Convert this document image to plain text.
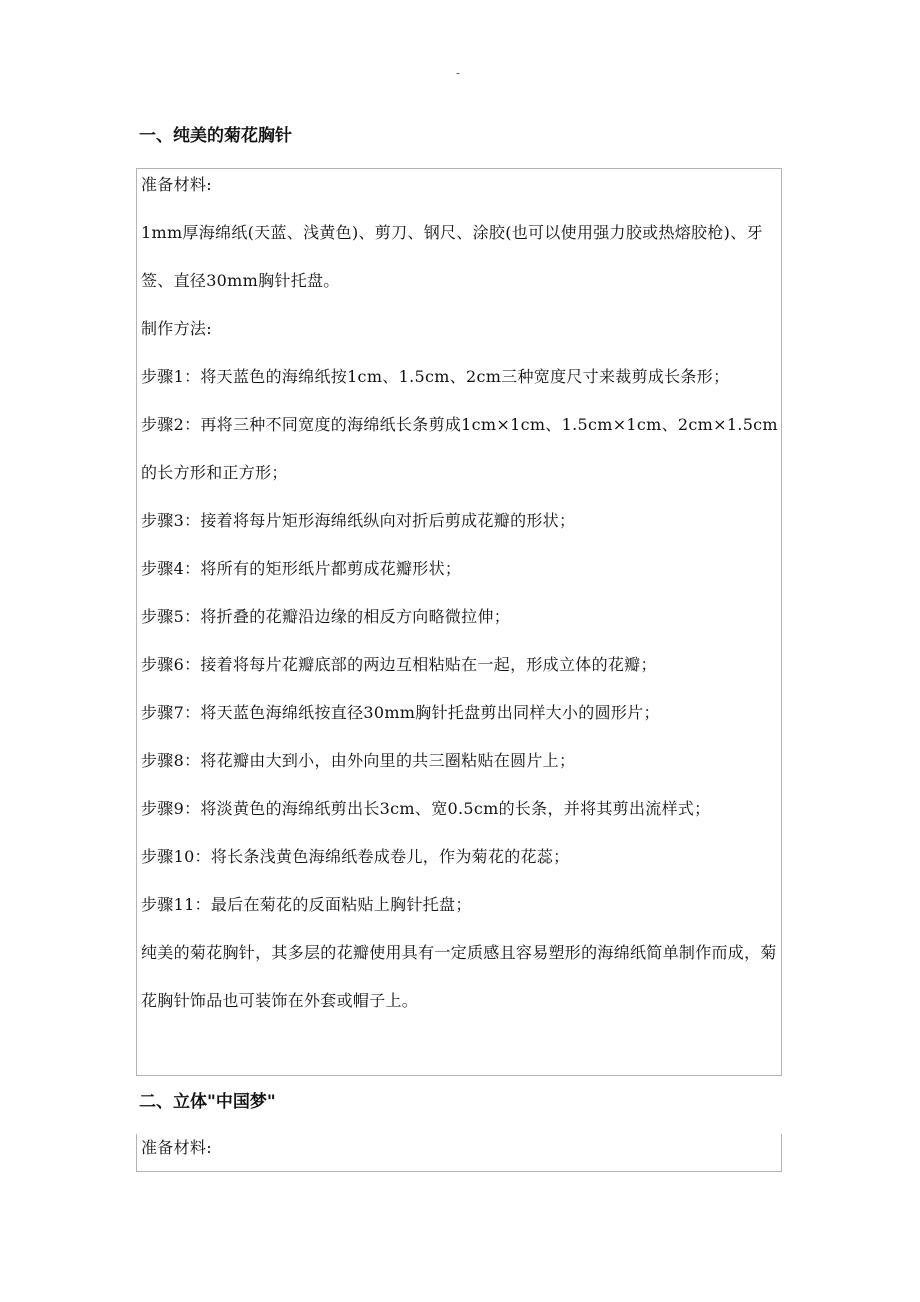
-
一、纯美的菊花胸针

准备材料:

1mm厚海绵纸(天蓝、浅黄色)、剪刀、钢尺、涂胶(也可以使用强力胶或热熔胶枪)、牙签、直径30mm胸针托盘。

制作方法:

步骤1：将天蓝色的海绵纸按1cm、1.5cm、2cm三种宽度尺寸来裁剪成长条形；

步骤2：再将三种不同宽度的海绵纸长条剪成1cm×1cm、1.5cm×1cm、2cm×1.5cm的长方形和正方形；

步骤3：接着将每片矩形海绵纸纵向对折后剪成花瓣的形状；

步骤4：将所有的矩形纸片都剪成花瓣形状；

步骤5：将折叠的花瓣沿边缘的相反方向略微拉伸；

步骤6：接着将每片花瓣底部的两边互相粘贴在一起，形成立体的花瓣；

步骤7：将天蓝色海绵纸按直径30mm胸针托盘剪出同样大小的圆形片；

步骤8：将花瓣由大到小，由外向里的共三圈粘贴在圆片上；

步骤9：将淡黄色的海绵纸剪出长3cm、宽0.5cm的长条，并将其剪出流样式；

步骤10：将长条浅黄色海绵纸卷成卷儿，作为菊花的花蕊；

步骤11：最后在菊花的反面粘贴上胸针托盘；

纯美的菊花胸针，其多层的花瓣使用具有一定质感且容易塑形的海绵纸简单制作而成，菊花胸针饰品也可装饰在外套或帽子上。

二、立体"中国梦"

准备材料:
